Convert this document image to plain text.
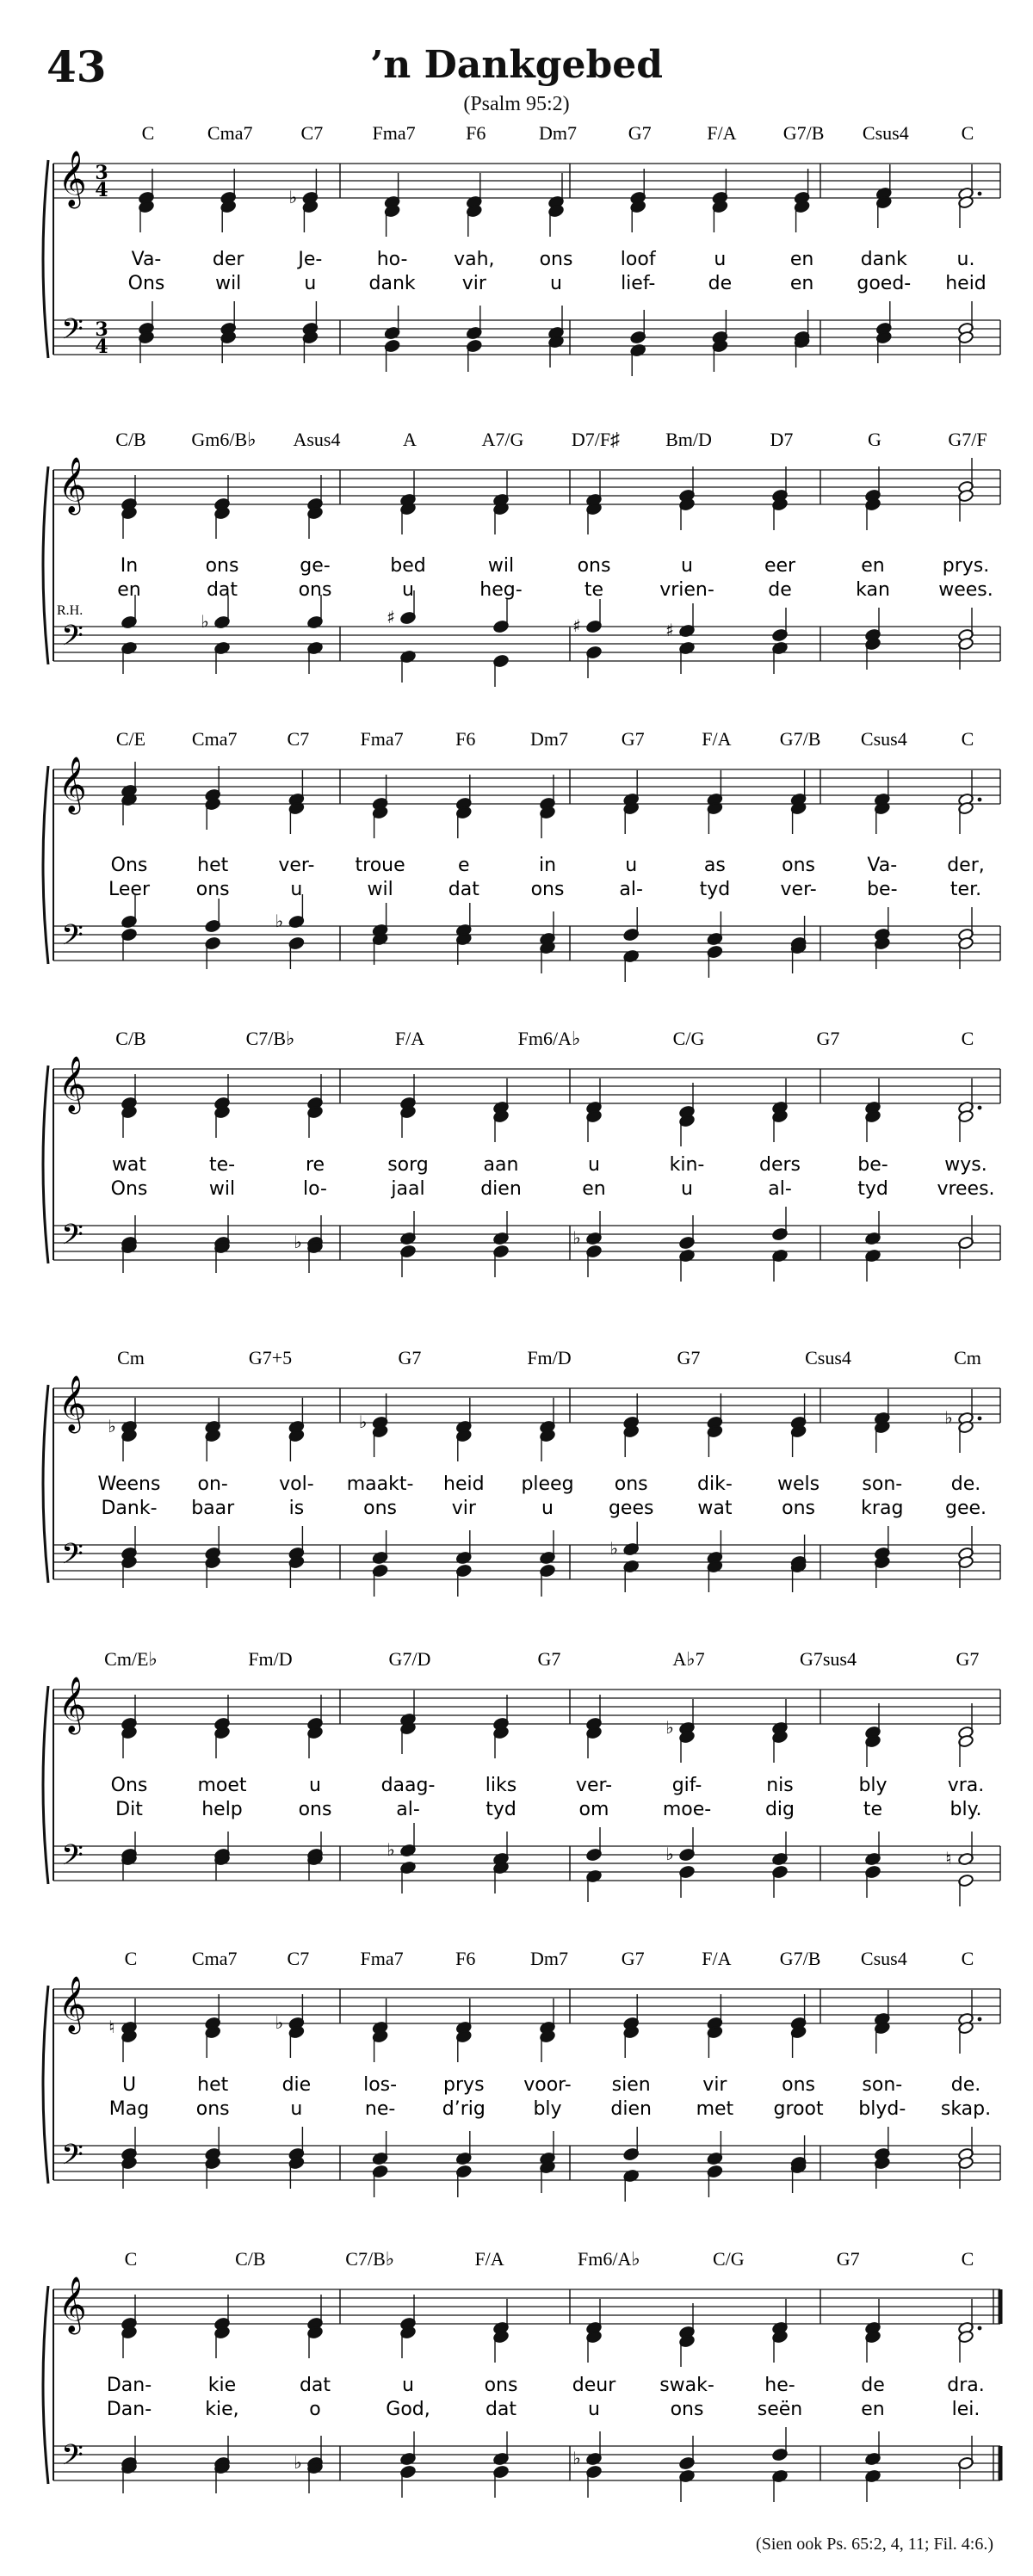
43	’n Dankgebed
(Psalm 95:2)
(Sien ook Ps. 65:2, 4, 11; Fil. 4:6.)
C	Cma7	C7	Fma7	F6	Dm7	G7	F/A G7/B Csus4	C
𝄞
𝄢
3
4
3
4
♭
Va-	der	Je-	ho- vah, ons	loof	u	en dank	u.
Ons	wil	u	dank vir	u	lief-	de	en goed- heid
C/B Gm6/B♭ Asus4	A	A7/G	D7/F♯ Bm/D	D7	G	G7/F
𝄞
𝄢
R.H.
In	ons	ge-	bed	wil	ons	u	eer	en	prys.
en	dat	ons	u	heg-	te	vrien-	de	kan	wees.
♭	♯	♯	♯
C/E Cma7	C7	Fma7	F6	Dm7	G7	F/A	G7/B Csus4	C
𝄞
𝄢
Ons	het	ver- troue	e	in	u	as	ons	Va-	der,
Leer ons	u	wil	dat	ons	al-	tyd	ver-	be-	ter.
♭
C/B	C7/B♭	F/A	Fm6/A♭	C/G	G7	C
𝄞
𝄢
wat	te-	re	sorg	aan	u	kin-	ders	be-	wys.
Ons	wil	lo-	jaal	dien	en	u	al-	tyd	vrees.
♭	♭
Cm	G7+5	G7	Fm/D	G7	Csus4	Cm
𝄞
𝄢
♭	♭	♭
Weens on-	vol- maakt- heid pleeg ons	dik- wels son-	de.
Dank- baar	is	ons	vir	u	gees wat	ons krag gee.
♭
Cm/E♭	Fm/D	G7/D	G7	A♭7	G7sus4	G7
𝄞
𝄢
♭
Ons	moet	u	daag-	liks	ver-	gif-	nis	bly	vra.
Dit	help	ons	al-	tyd	om	moe-	dig	te	bly.
♭	♭	♮
C	Cma7	C7	Fma7	F6	Dm7	G7	F/A	G7/B Csus4	C
𝄞
𝄢
♮	♭
U	het	die	los- prys voor- sien	vir	ons son-	de.
Mag ons	u	ne- d’rig	bly	dien met groot blyd- skap.
C	C/B	C7/B♭	F/A	Fm6/A♭	C/G	G7	C
𝄞
𝄢
Dan-	kie	dat	u	ons	deur swak-	he-	de	dra.
Dan-	kie,	o	God,	dat	u	ons	seën	en	lei.
♭	♭
